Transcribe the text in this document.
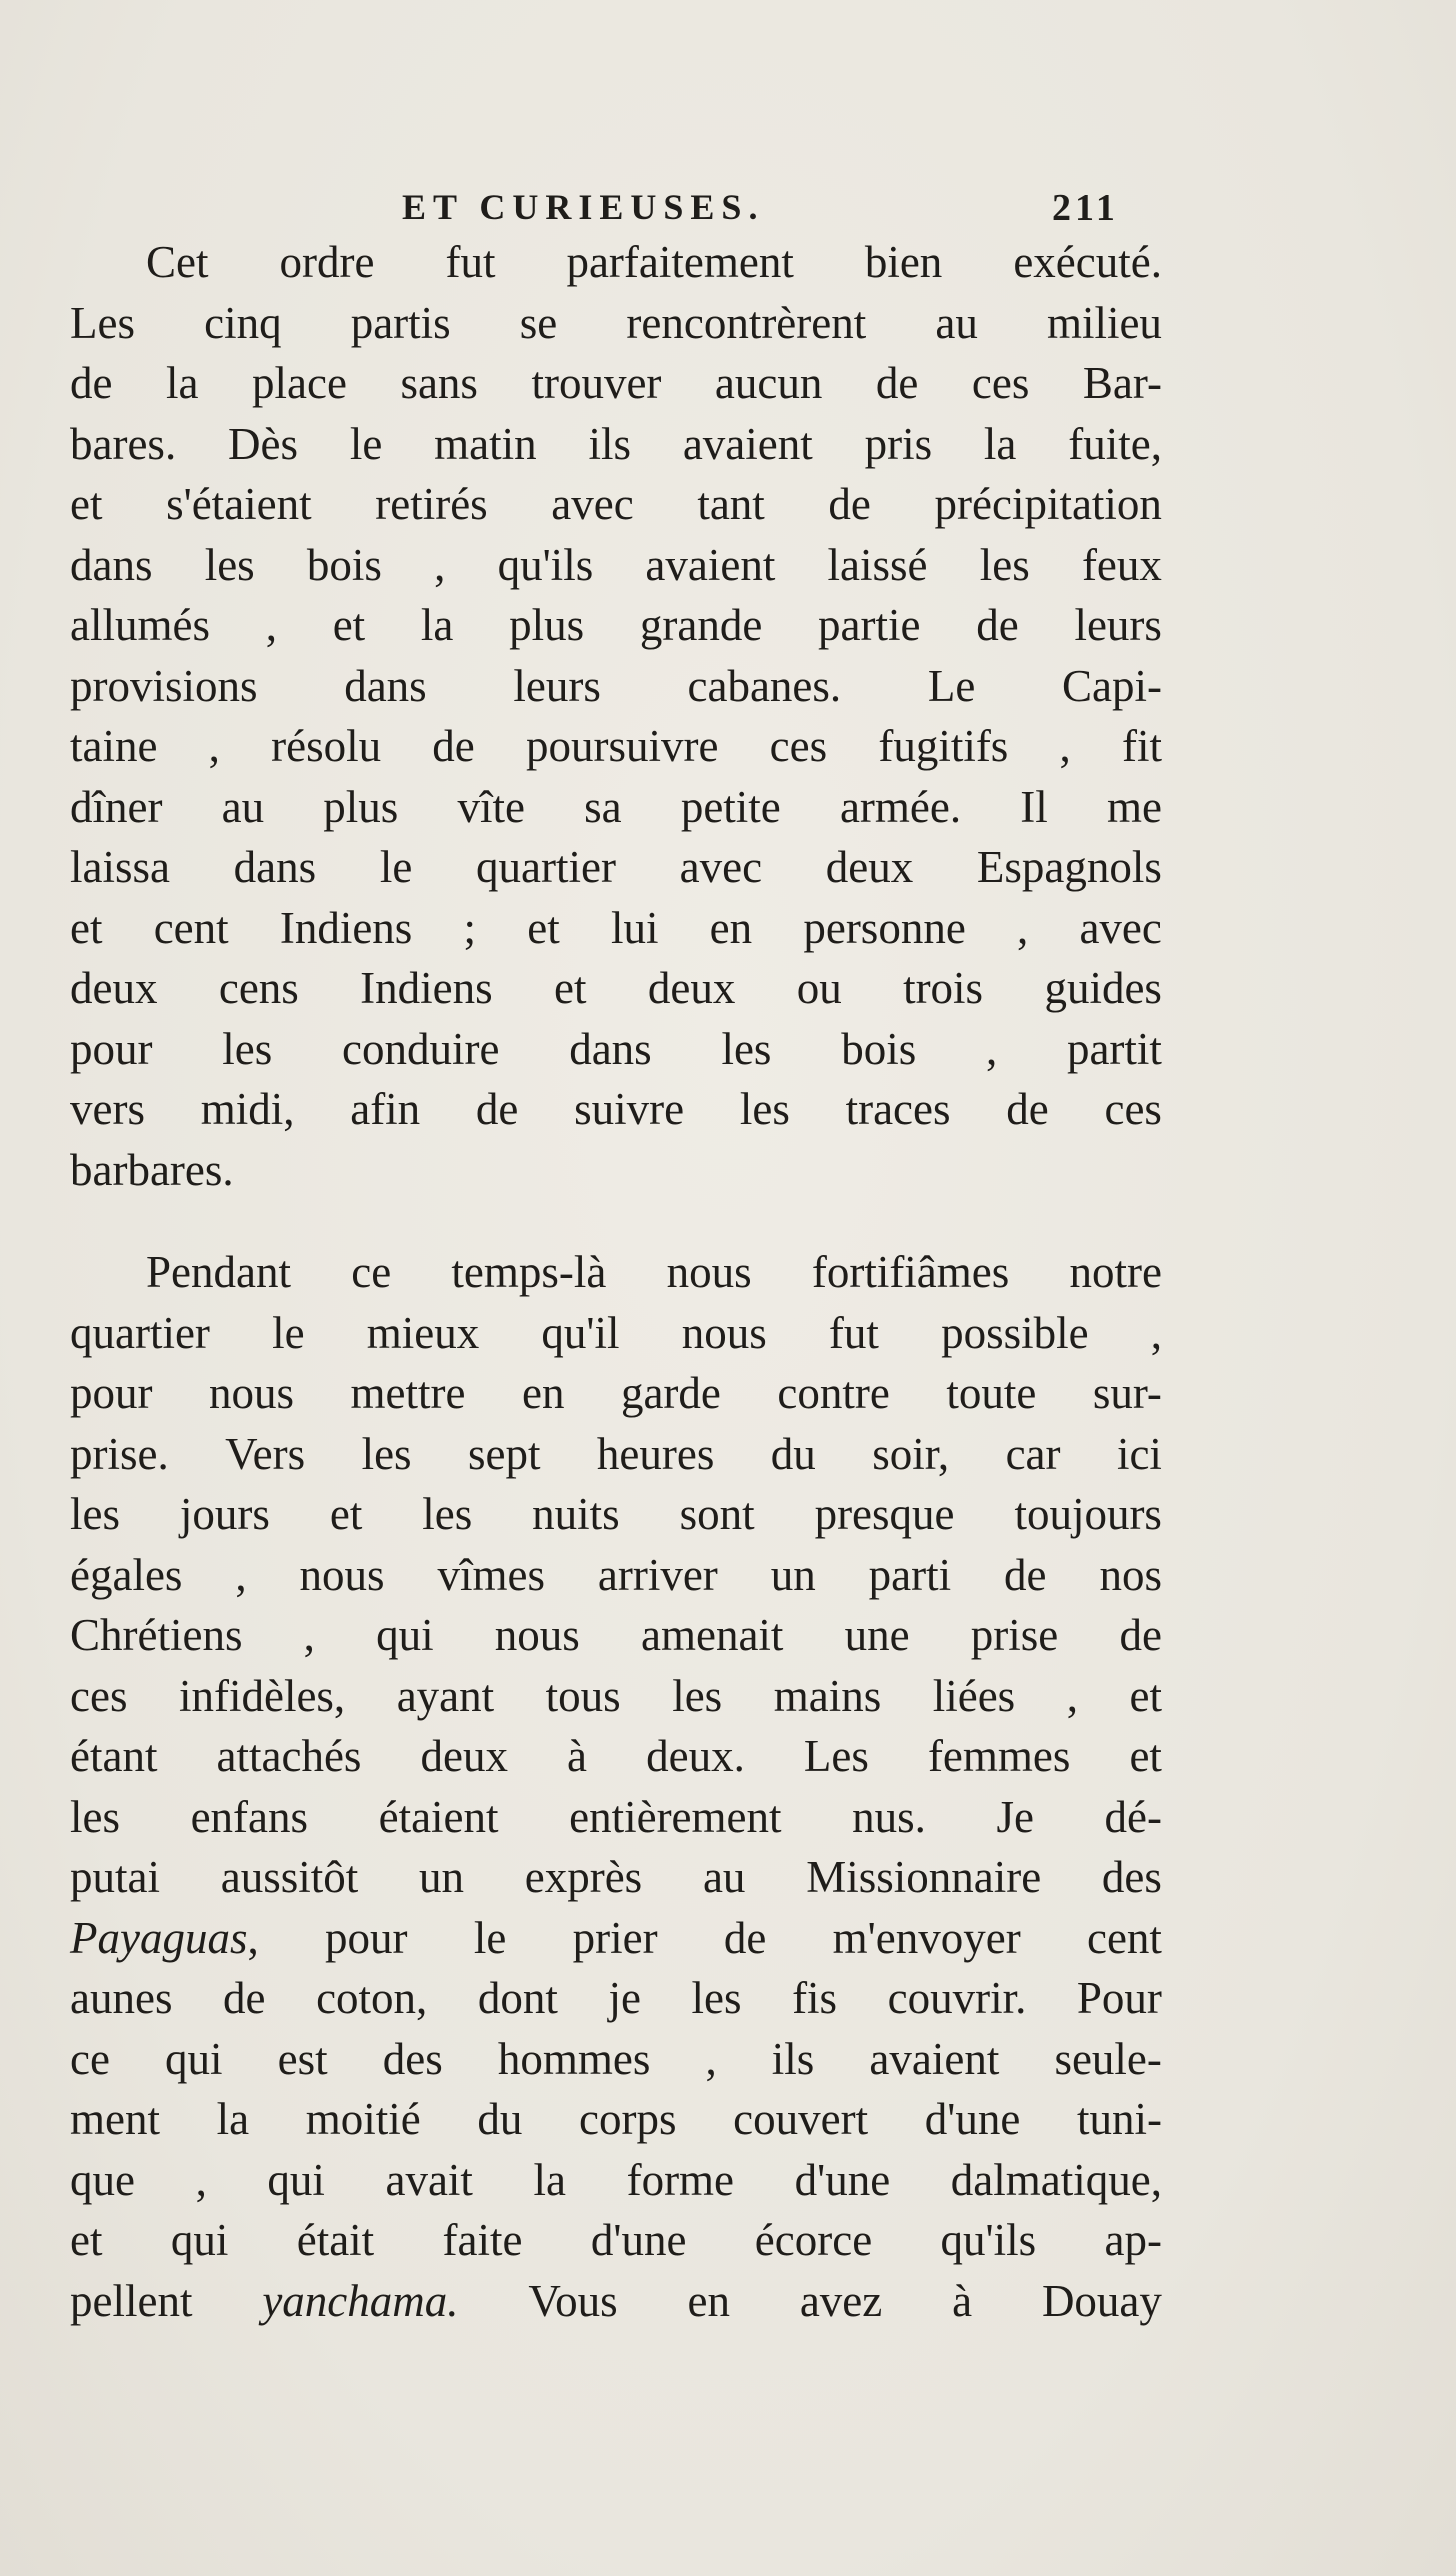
ET CURIEUSES.	211
Cet ordre fut parfaitement bien exécuté.
Les cinq partis se rencontrèrent au milieu
de la place sans trouver aucun de ces Bar-
bares. Dès le matin ils avaient pris la fuite,
et s'étaient retirés avec tant de précipitation
dans les bois , qu'ils avaient laissé les feux
allumés , et la plus grande partie de leurs
provisions dans leurs cabanes. Le Capi-
taine , résolu de poursuivre ces fugitifs , fit
dîner au plus vîte sa petite armée. Il me
laissa dans le quartier avec deux Espagnols
et cent Indiens ; et lui en personne , avec
deux cens Indiens et deux ou trois guides
pour les conduire dans les bois , partit
vers midi, afin de suivre les traces de ces
barbares.
Pendant ce temps-là nous fortifiâmes notre
quartier le mieux qu'il nous fut possible ,
pour nous mettre en garde contre toute sur-
prise. Vers les sept heures du soir, car ici
les jours et les nuits sont presque toujours
égales , nous vîmes arriver un parti de nos
Chrétiens , qui nous amenait une prise de
ces infidèles, ayant tous les mains liées , et
étant attachés deux à deux. Les femmes et
les enfans étaient entièrement nus. Je dé-
putai aussitôt un exprès au Missionnaire des
Payaguas, pour le prier de m'envoyer cent
aunes de coton, dont je les fis couvrir. Pour
ce qui est des hommes , ils avaient seule-
ment la moitié du corps couvert d'une tuni-
que , qui avait la forme d'une dalmatique,
et qui était faite d'une écorce qu'ils ap-
pellent yanchama. Vous en avez à Douay
